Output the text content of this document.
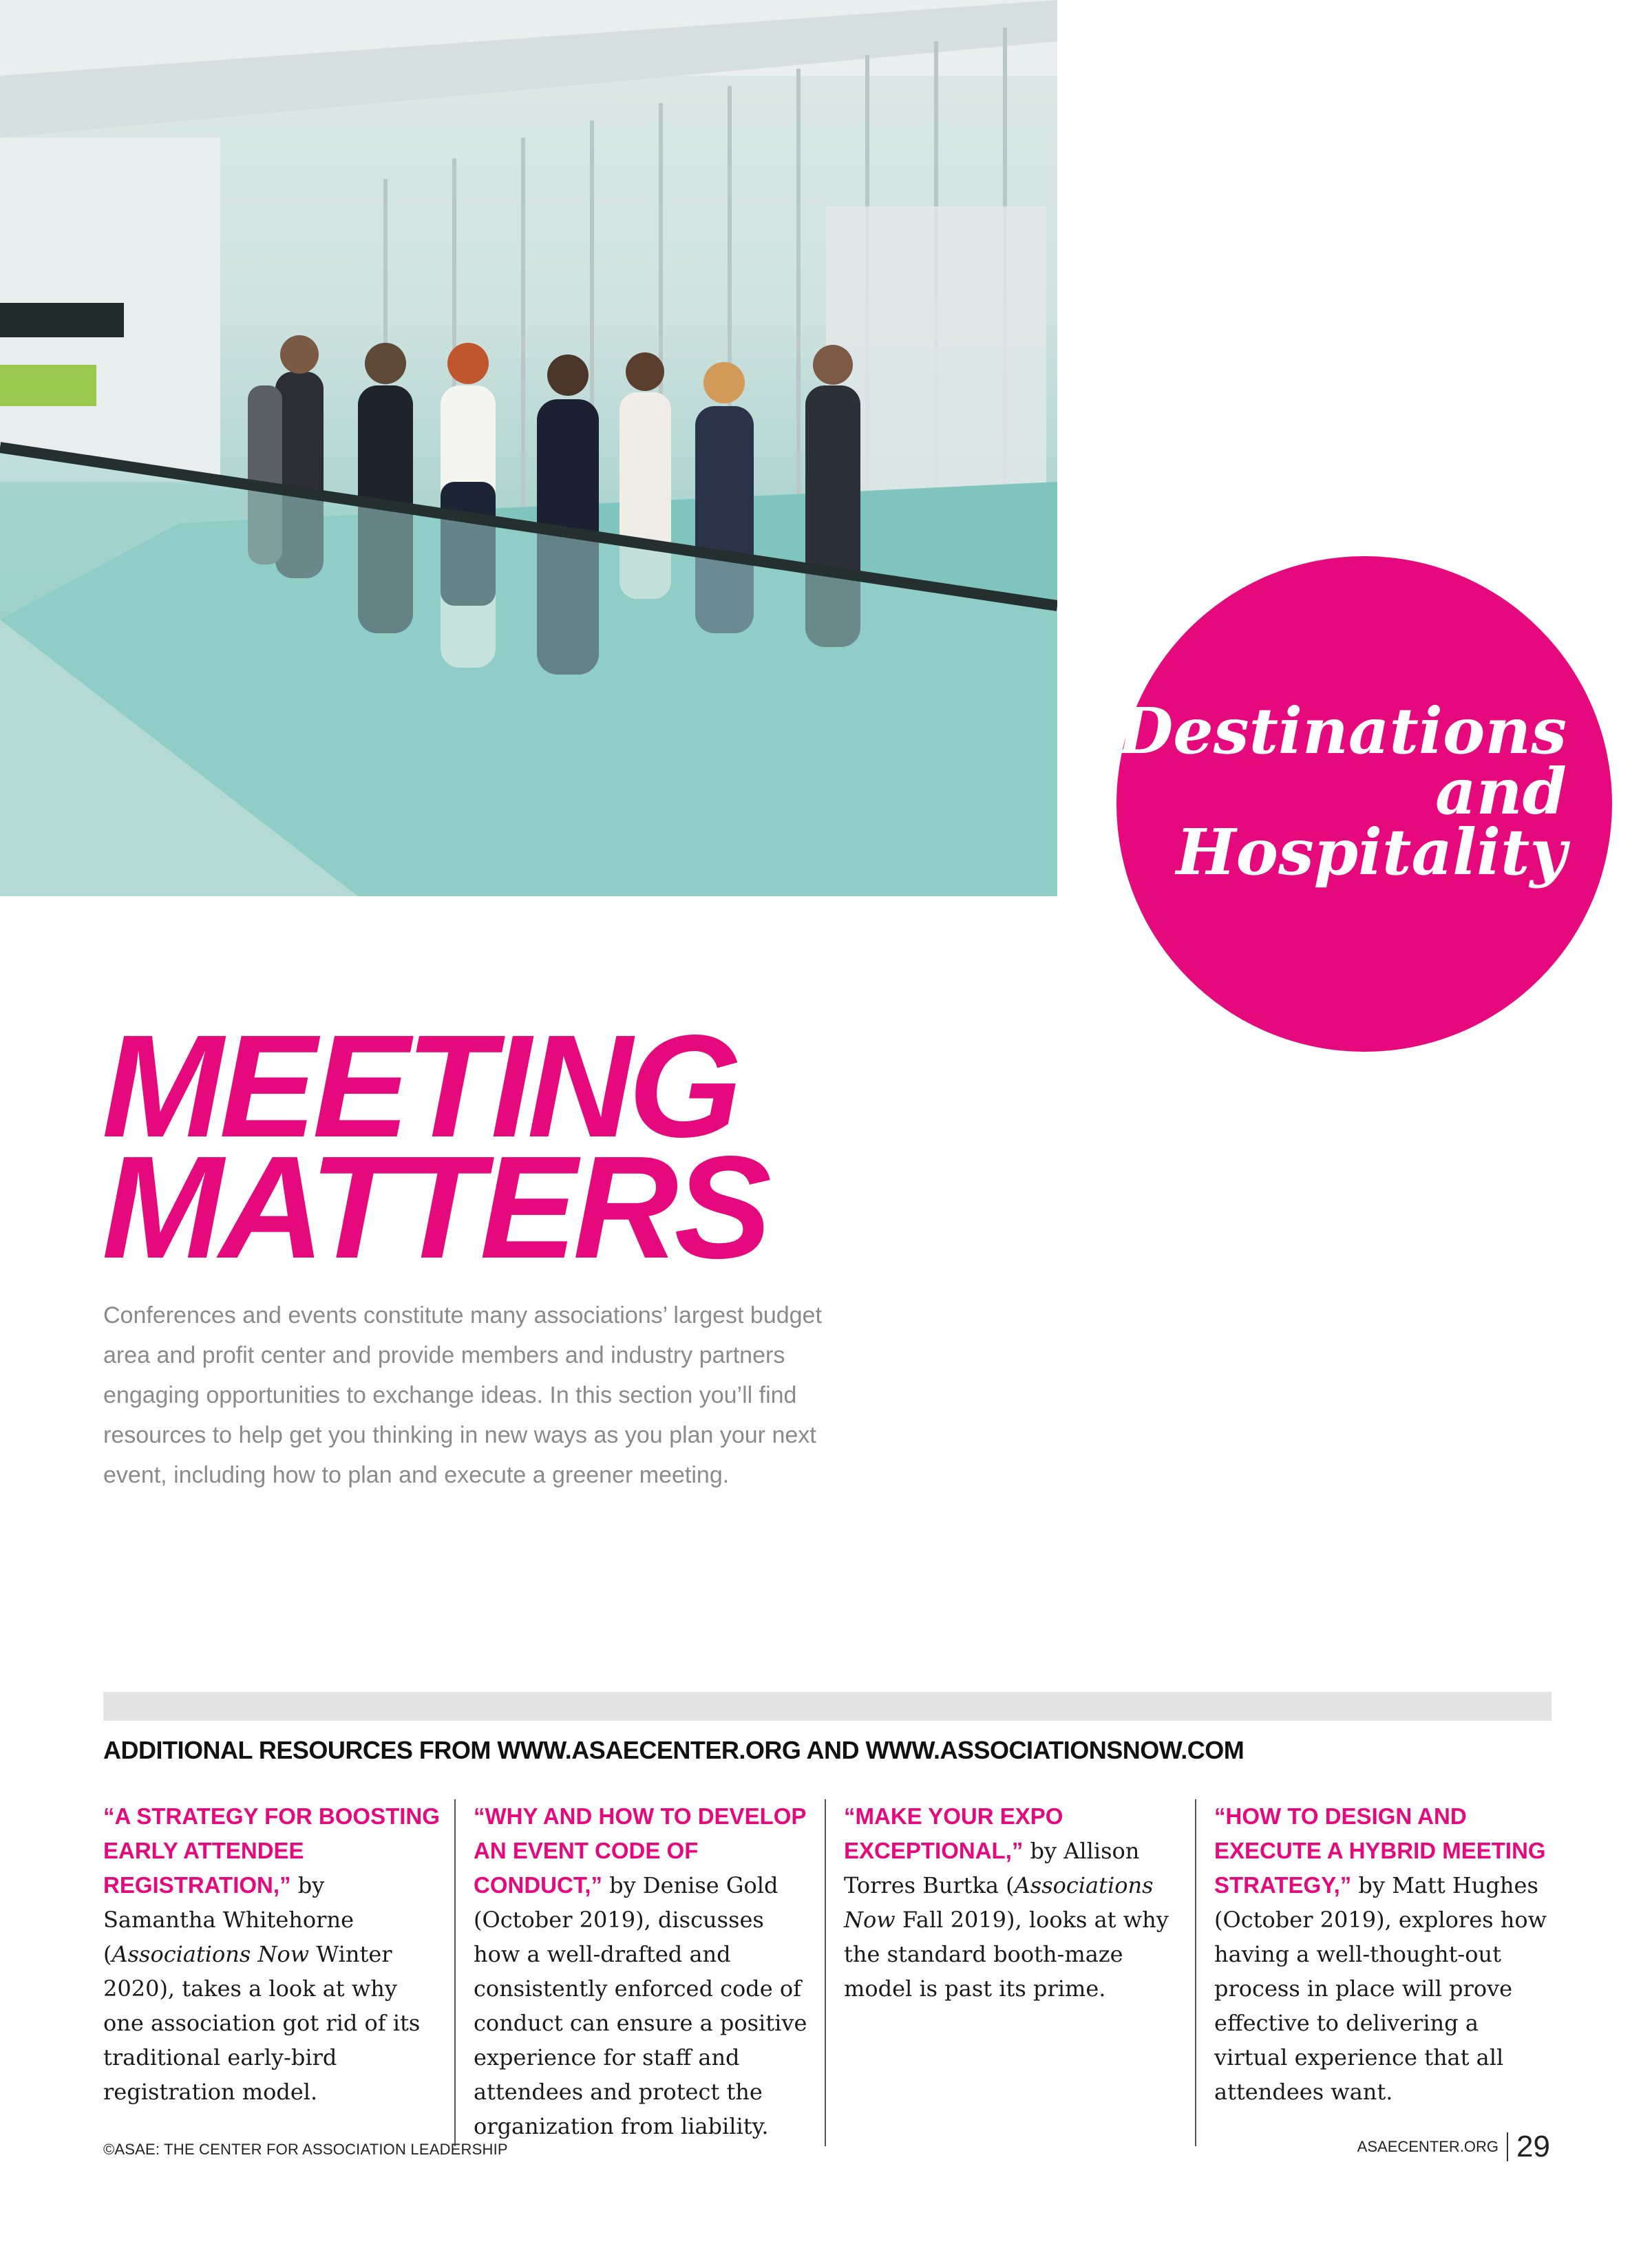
Destinations
and
Hospitality
MEETING
MATTERS

Conferences and events constitute many associations’ largest budget area and profit center and provide members and industry partners engaging opportunities to exchange ideas. In this section you’ll find resources to help get you thinking in new ways as you plan your next event, including how to plan and execute a greener meeting.

ADDITIONAL RESOURCES FROM WWW.ASAECENTER.ORG AND WWW.ASSOCIATIONSNOW.COM

“A STRATEGY FOR BOOSTING EARLY ATTENDEE REGISTRATION,” by Samantha Whitehorne (Associations Now Winter 2020), takes a look at why one association got rid of its traditional early-bird registration model.

“WHY AND HOW TO DEVELOP AN EVENT CODE OF CONDUCT,” by Denise Gold (October 2019), discusses how a well-drafted and consistently enforced code of conduct can ensure a positive experience for staff and attendees and protect the organization from liability.

“MAKE YOUR EXPO EXCEPTIONAL,” by Allison Torres Burtka (Associations Now Fall 2019), looks at why the standard booth-maze model is past its prime.

“HOW TO DESIGN AND EXECUTE A HYBRID MEETING STRATEGY,” by Matt Hughes (October 2019), explores how having a well-thought-out process in place will prove effective to delivering a virtual experience that all attendees want.

©ASAE: THE CENTER FOR ASSOCIATION LEADERSHIP	ASAECENTER.ORG 29
